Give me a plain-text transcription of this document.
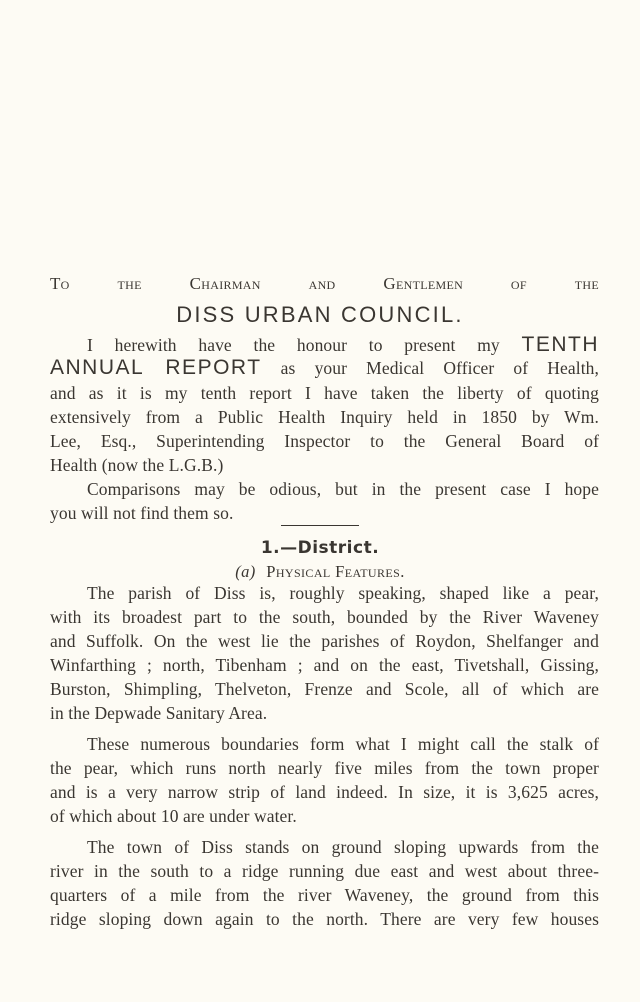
To the Chairman and Gentlemen of the
DISS URBAN COUNCIL.
I herewith have the honour to present my TENTH
ANNUAL REPORT as your Medical Officer of Health,
and as it is my tenth report I have taken the liberty of quoting
extensively from a Public Health Inquiry held in 1850 by Wm.
Lee, Esq., Superintending Inspector to the General Board of
Health (now the L.G.B.)
Comparisons may be odious, but in the present case I hope
you will not find them so.
1.—District.
(a) Physical Features.
The parish of Diss is, roughly speaking, shaped like a pear,
with its broadest part to the south, bounded by the River Waveney
and Suffolk. On the west lie the parishes of Roydon, Shelfanger and
Winfarthing ; north, Tibenham ; and on the east, Tivetshall, Gissing,
Burston, Shimpling, Thelveton, Frenze and Scole, all of which are
in the Depwade Sanitary Area.
These numerous boundaries form what I might call the stalk of
the pear, which runs north nearly five miles from the town proper
and is a very narrow strip of land indeed. In size, it is 3,625 acres,
of which about 10 are under water.
The town of Diss stands on ground sloping upwards from the
river in the south to a ridge running due east and west about three-
quarters of a mile from the river Waveney, the ground from this
ridge sloping down again to the north. There are very few houses
